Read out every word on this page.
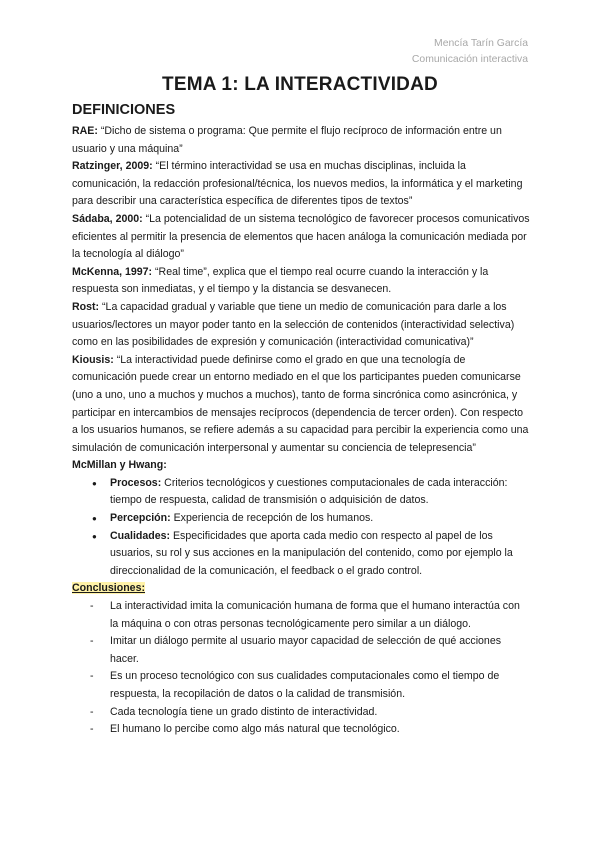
Mencía Tarín García
Comunicación interactiva
TEMA 1: LA INTERACTIVIDAD
DEFINICIONES

RAE: “Dicho de sistema o programa: Que permite el flujo recíproco de información entre un usuario y una máquina”

Ratzinger, 2009: “El término interactividad se usa en muchas disciplinas, incluida la comunicación, la redacción profesional/técnica, los nuevos medios, la informática y el marketing para describir una característica específica de diferentes tipos de textos”

Sádaba, 2000: “La potencialidad de un sistema tecnológico de favorecer procesos comunicativos eficientes al permitir la presencia de elementos que hacen análoga la comunicación mediada por la tecnología al diálogo”

McKenna, 1997: “Real time”, explica que el tiempo real ocurre cuando la interacción y la respuesta son inmediatas, y el tiempo y la distancia se desvanecen.

Rost: “La capacidad gradual y variable que tiene un medio de comunicación para darle a los usuarios/lectores un mayor poder tanto en la selección de contenidos (interactividad selectiva) como en las posibilidades de expresión y comunicación (interactividad comunicativa)”

Kiousis: “La interactividad puede definirse como el grado en que una tecnología de comunicación puede crear un entorno mediado en el que los participantes pueden comunicarse (uno a uno, uno a muchos y muchos a muchos), tanto de forma sincrónica como asincrónica, y participar en intercambios de mensajes recíprocos (dependencia de tercer orden). Con respecto a los usuarios humanos, se refiere además a su capacidad para percibir la experiencia como una simulación de comunicación interpersonal y aumentar su conciencia de telepresencia”

McMillan y Hwang:

● Procesos: Criterios tecnológicos y cuestiones computacionales de cada interacción: tiempo de respuesta, calidad de transmisión o adquisición de datos.
● Percepción: Experiencia de recepción de los humanos.
● Cualidades: Especificidades que aporta cada medio con respecto al papel de los usuarios, su rol y sus acciones en la manipulación del contenido, como por ejemplo la direccionalidad de la comunicación, el feedback o el grado control.

Conclusiones:

- La interactividad imita la comunicación humana de forma que el humano interactúa con la máquina o con otras personas tecnológicamente pero similar a un diálogo.
- Imitar un diálogo permite al usuario mayor capacidad de selección de qué acciones hacer.
- Es un proceso tecnológico con sus cualidades computacionales como el tiempo de respuesta, la recopilación de datos o la calidad de transmisión.
- Cada tecnología tiene un grado distinto de interactividad.
- El humano lo percibe como algo más natural que tecnológico.
